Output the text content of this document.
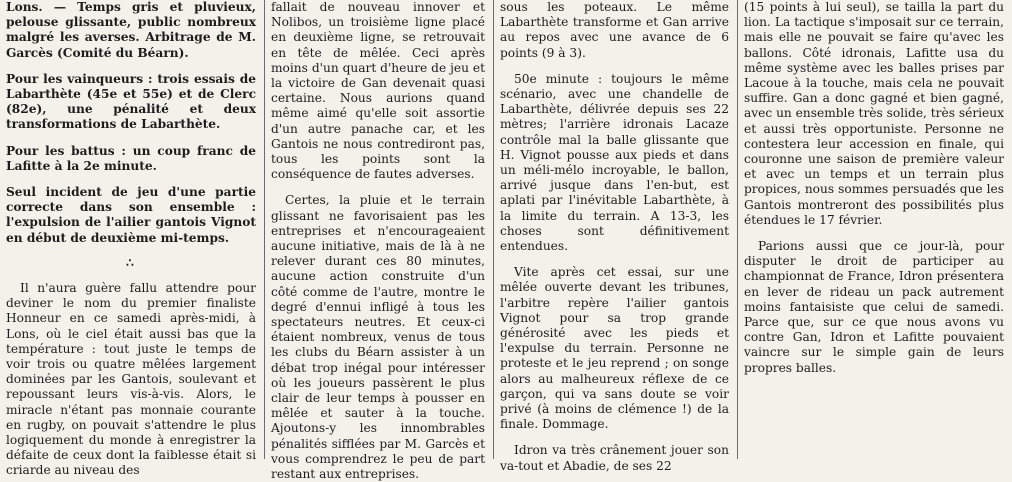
Lons. — Temps gris et pluvieux, pelouse glissante, public nombreux malgré les averses. Arbitrage de M. Garcès (Comité du Béarn).

Pour les vainqueurs : trois essais de Labarthète (45e et 55e) et de Clerc (82e), une pénalité et deux transformations de Labarthète.

Pour les battus : un coup franc de Lafitte à la 2e minute.

Seul incident de jeu d'une partie correcte dans son ensemble : l'expulsion de l'ailier gantois Vignot en début de deuxième mi-temps.

∴

Il n'aura guère fallu attendre pour deviner le nom du premier finaliste Honneur en ce samedi après-midi, à Lons, où le ciel était aussi bas que la température : tout juste le temps de voir trois ou quatre mêlées largement dominées par les Gantois, soulevant et repoussant leurs vis-à-vis. Alors, le miracle n'étant pas monnaie courante en rugby, on pouvait s'attendre le plus logiquement du monde à enregistrer la défaite de ceux dont la faiblesse était si criarde au niveau des

fallait de nouveau innover et Nolibos, un troisième ligne placé en deuxième ligne, se retrouvait en tête de mêlée. Ceci après moins d'un quart d'heure de jeu et la victoire de Gan devenait quasi certaine. Nous aurions quand même aimé qu'elle soit assortie d'un autre panache car, et les Gantois ne nous contrediront pas, tous les points sont la conséquence de fautes adverses.

Certes, la pluie et le terrain glissant ne favorisaient pas les entreprises et n'encourageaient aucune initiative, mais de là à ne relever durant ces 80 minutes, aucune action construite d'un côté comme de l'autre, montre le degré d'ennui infligé à tous les spectateurs neutres. Et ceux-ci étaient nombreux, venus de tous les clubs du Béarn assister à un débat trop inégal pour intéresser où les joueurs passèrent le plus clair de leur temps à pousser en mêlée et sauter à la touche. Ajoutons-y les innombrables pénalités sifflées par M. Garcès et vous comprendrez le peu de part restant aux entreprises.

sous les poteaux. Le même Labarthète transforme et Gan arrive au repos avec une avance de 6 points (9 à 3).

50e minute : toujours le même scénario, avec une chandelle de Labarthète, délivrée depuis ses 22 mètres; l'arrière idronais Lacaze contrôle mal la balle glissante que H. Vignot pousse aux pieds et dans un méli-mélo incroyable, le ballon, arrivé jusque dans l'en-but, est aplati par l'inévitable Labarthète, à la limite du terrain. A 13-3, les choses sont définitivement entendues.

Vite après cet essai, sur une mêlée ouverte devant les tribunes, l'arbitre repère l'ailier gantois Vignot pour sa trop grande générosité avec les pieds et l'expulse du terrain. Personne ne proteste et le jeu reprend ; on songe alors au malheureux réflexe de ce garçon, qui va sans doute se voir privé (à moins de clémence !) de la finale. Dommage.

Idron va très crânement jouer son va-tout et Abadie, de ses 22

(15 points à lui seul), se tailla la part du lion. La tactique s'imposait sur ce terrain, mais elle ne pouvait se faire qu'avec les ballons. Côté idronais, Lafitte usa du même système avec les balles prises par Lacoue à la touche, mais cela ne pouvait suffire. Gan a donc gagné et bien gagné, avec un ensemble très solide, très sérieux et aussi très opportuniste. Personne ne contestera leur accession en finale, qui couronne une saison de première valeur et avec un temps et un terrain plus propices, nous sommes persuadés que les Gantois montreront des possibilités plus étendues le 17 février.

Parions aussi que ce jour-là, pour disputer le droit de participer au championnat de France, Idron présentera en lever de rideau un pack autrement moins fantaisiste que celui de samedi. Parce que, sur ce que nous avons vu contre Gan, Idron et Lafitte pouvaient vaincre sur le simple gain de leurs propres balles.
